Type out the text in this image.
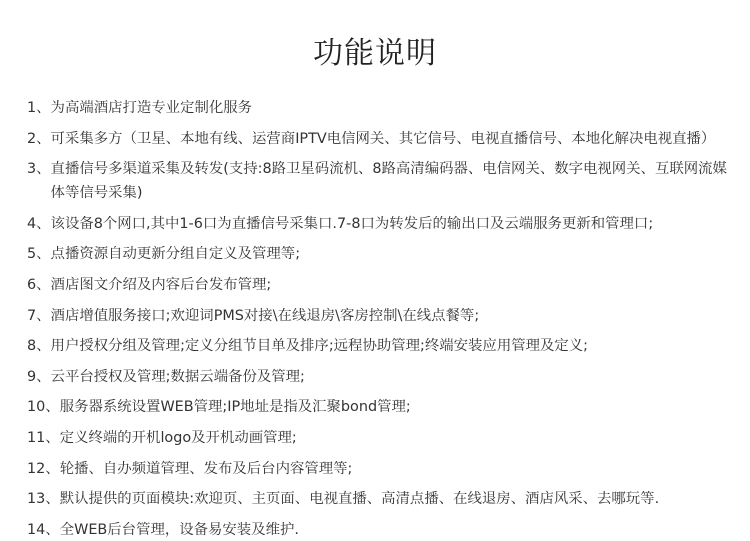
功能说明
1、 为高端酒店打造专业定制化服务
2、 可采集多方（卫星、本地有线、运营商IPTV电信网关、其它信号、电视直播信号、本地化解决电视直播）
3、 直播信号多渠道采集及转发(支持:8路卫星码流机、8路高清编码器、电信网关、数字电视网关、互联网流媒体等信号采集)
4、 该设备8个网口,其中1-6口为直播信号采集口.7-8口为转发后的输出口及云端服务更新和管理口;
5、 点播资源自动更新分组自定义及管理等;
6、 酒店图文介绍及内容后台发布管理;
7、 酒店增值服务接口;欢迎词PMS对接\在线退房\客房控制\在线点餐等;
8、 用户授权分组及管理;定义分组节目单及排序;远程协助管理;终端安装应用管理及定义;
9、 云平台授权及管理;数据云端备份及管理;
10、 服务器系统设置WEB管理;IP地址是指及汇聚bond管理;
11、 定义终端的开机logo及开机动画管理;
12、 轮播、自办频道管理、发布及后台内容管理等;
13、 默认提供的页面模块:欢迎页、主页面、电视直播、高清点播、在线退房、酒店风采、去哪玩等.
14、 全WEB后台管理，设备易安装及维护.
